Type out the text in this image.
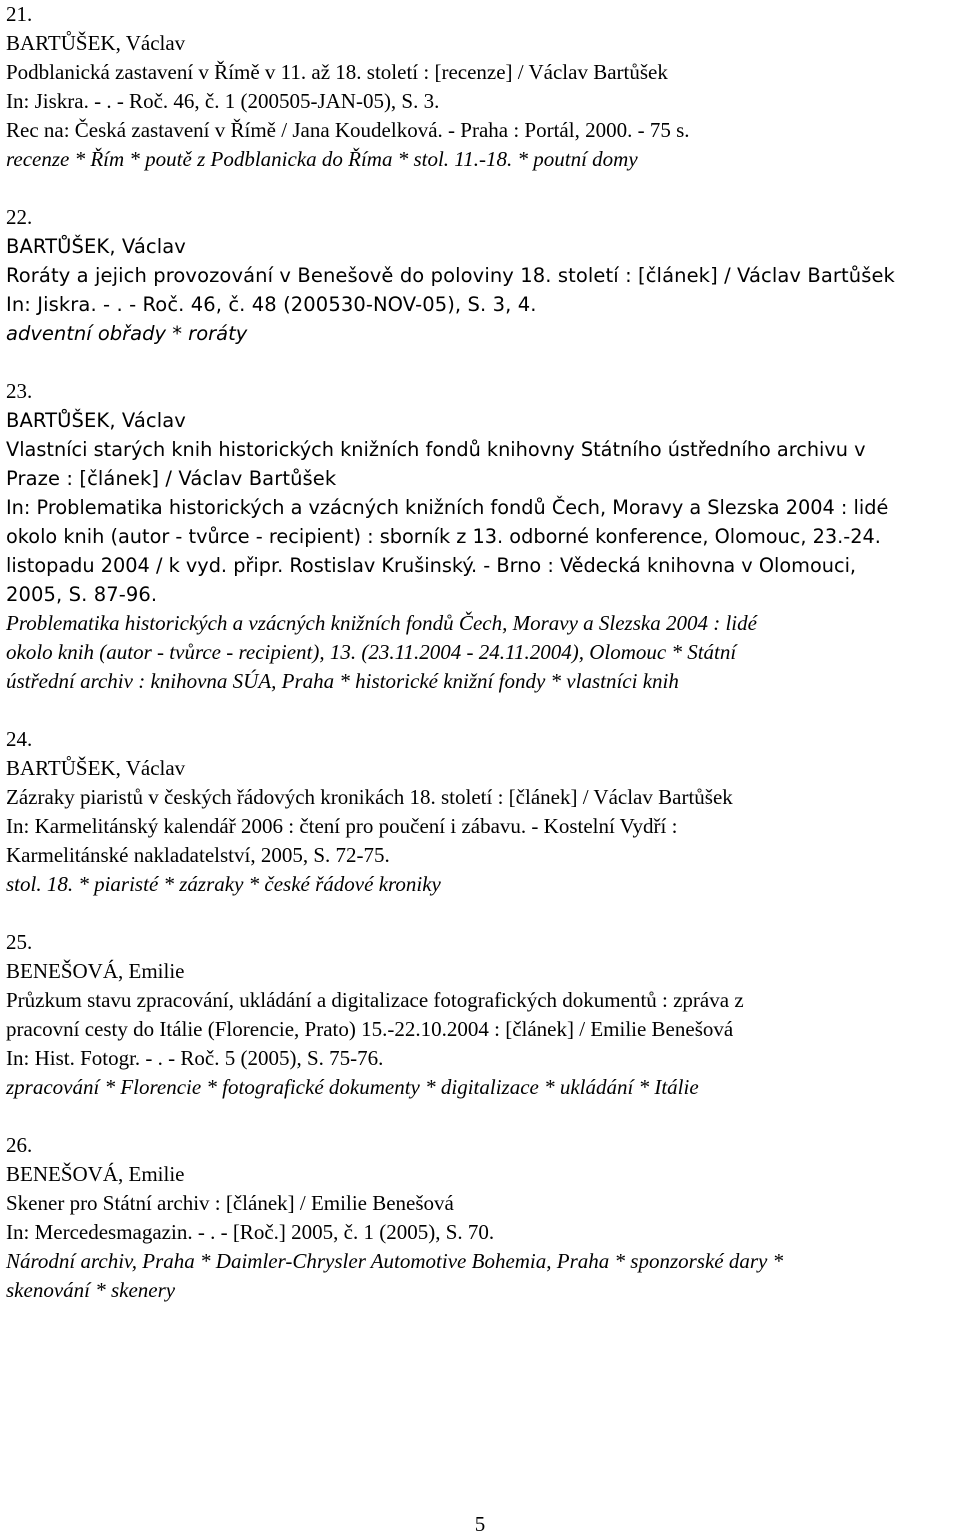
21.
BARTŮŠEK, Václav
Podblanická zastavení v Římě v 11. až 18. století : [recenze] / Václav Bartůšek
In: Jiskra. - . - Roč. 46, č. 1 (200505-JAN-05), S. 3.
Rec na: Česká zastavení v Římě / Jana Koudelková. - Praha : Portál, 2000. - 75 s.
recenze * Řím * poutě z Podblanicka do Říma * stol. 11.-18. * poutní domy
22.
BARTŮŠEK, Václav
Roráty a jejich provozování v Benešově do poloviny 18. století : [článek] / Václav Bartůšek
In: Jiskra. - . - Roč. 46, č. 48 (200530-NOV-05), S. 3, 4.
adventní obřady * roráty
23.
BARTŮŠEK, Václav
Vlastníci starých knih historických knižních fondů knihovny Státního ústředního archivu v
Praze : [článek] / Václav Bartůšek
In: Problematika historických a vzácných knižních fondů Čech, Moravy a Slezska 2004 : lidé
okolo knih (autor - tvůrce - recipient) : sborník z 13. odborné konference, Olomouc, 23.-24.
listopadu 2004 / k vyd. připr. Rostislav Krušinský. - Brno : Vědecká knihovna v Olomouci,
2005, S. 87-96.
Problematika historických a vzácných knižních fondů Čech, Moravy a Slezska 2004 : lidé
okolo knih (autor - tvůrce - recipient), 13. (23.11.2004 - 24.11.2004), Olomouc * Státní
ústřední archiv : knihovna SÚA, Praha * historické knižní fondy * vlastníci knih
24.
BARTŮŠEK, Václav
Zázraky piaristů v českých řádových kronikách 18. století : [článek] / Václav Bartůšek
In: Karmelitánský kalendář 2006 : čtení pro poučení i zábavu. - Kostelní Vydří :
Karmelitánské nakladatelství, 2005, S. 72-75.
stol. 18. * piaristé * zázraky * české řádové kroniky
25.
BENEŠOVÁ, Emilie
Průzkum stavu zpracování, ukládání a digitalizace fotografických dokumentů : zpráva z
pracovní cesty do Itálie (Florencie, Prato) 15.-22.10.2004 : [článek] / Emilie Benešová
In: Hist. Fotogr. - . - Roč. 5 (2005), S. 75-76.
zpracování * Florencie * fotografické dokumenty * digitalizace * ukládání * Itálie
26.
BENEŠOVÁ, Emilie
Skener pro Státní archiv : [článek] / Emilie Benešová
In: Mercedesmagazin. - . - [Roč.] 2005, č. 1 (2005), S. 70.
Národní archiv, Praha * Daimler-Chrysler Automotive Bohemia, Praha * sponzorské dary *
skenování * skenery
5
